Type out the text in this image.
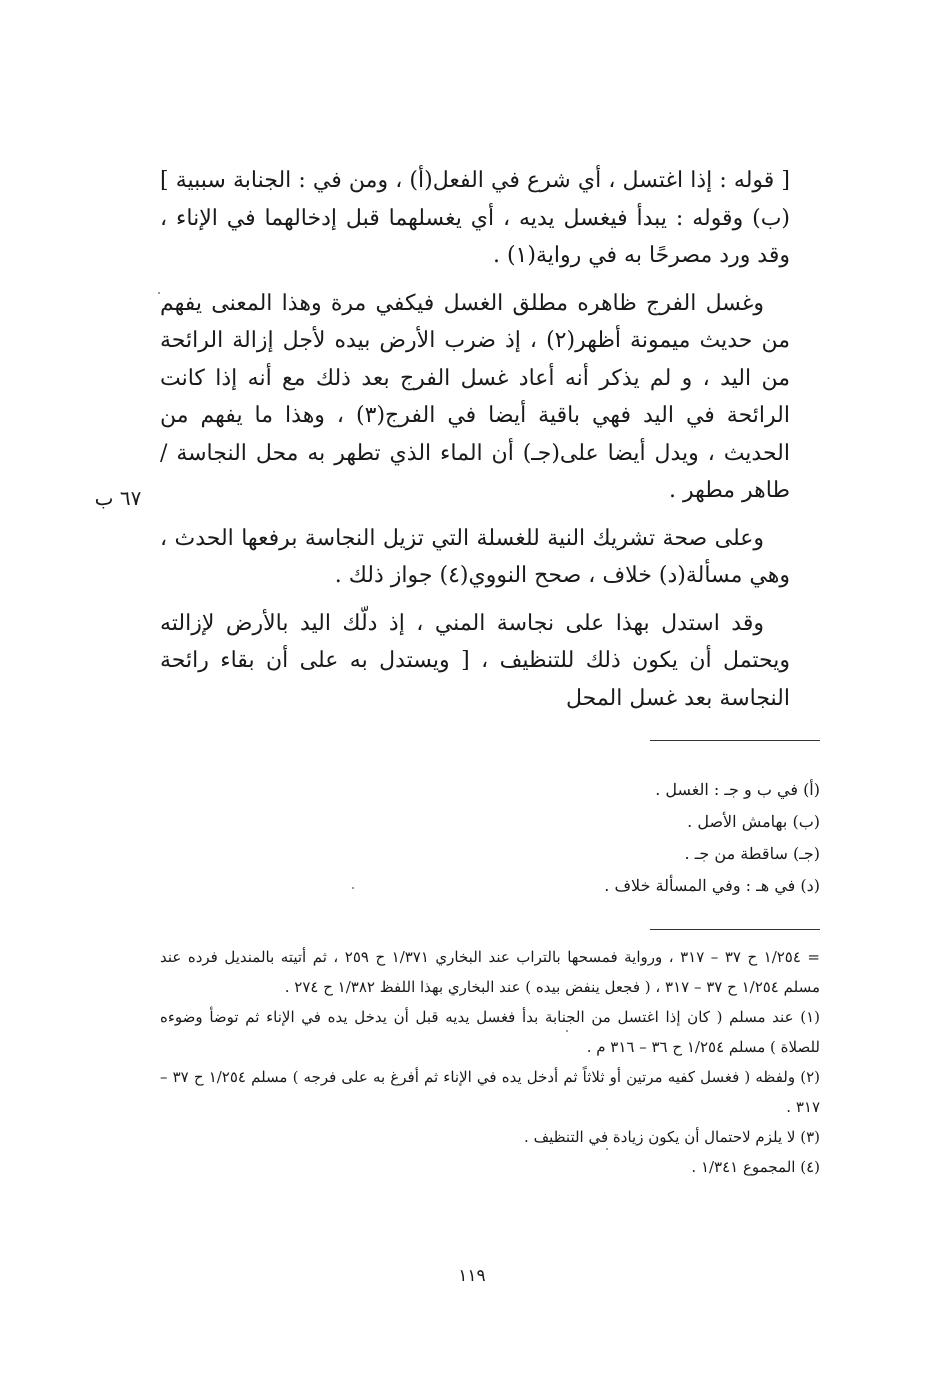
[ قوله : إذا اغتسل ، أي شرع في الفعل(أ) ، ومن في : الجنابة سببية ](ب) وقوله : يبدأ فيغسل يديه ، أي يغسلهما قبل إدخالهما في الإناء ، وقد ورد مصرحًا به في رواية(١) .

وغسل الفرج ظاهره مطلق الغسل فيكفي مرة وهذا المعنى يفهم من حديث ميمونة أظهر(٢) ، إذ ضرب الأرض بيده لأجل إزالة الرائحة من اليد ، و لم يذكر أنه أعاد غسل الفرج بعد ذلك مع أنه إذا كانت الرائحة في اليد فهي باقية أيضا في الفرج(٣) ، وهذا ما يفهم من الحديث ، ويدل أيضا على(جـ) أن الماء الذي تطهر به محل النجاسة / طاهر مطهر .

وعلى صحة تشريك النية للغسلة التي تزيل النجاسة برفعها الحدث ، وهي مسألة(د) خلاف ، صحح النووي(٤) جواز ذلك .

وقد استدل بهذا على نجاسة المني ، إذ دلّك اليد بالأرض لإزالته ويحتمل أن يكون ذلك للتنظيف ، [ ويستدل به على أن بقاء رائحة النجاسة بعد غسل المحل

٦٧ ب
(أ) في ب و جـ : الغسل .
(ب) بهامش الأصل .
(جـ) ساقطة من جـ .
(د) في هـ : وفي المسألة خلاف .
= ١/٢٥٤ ح ٣٧ – ٣١٧ ، ورواية فمسحها بالتراب عند البخاري ١/٣٧١ ح ٢٥٩ ، ثم أتيته بالمنديل فرده عند مسلم ١/٢٥٤ ح ٣٧ – ٣١٧ ، ( فجعل ينفض بيده ) عند البخاري بهذا اللفظ ١/٣٨٢ ح ٢٧٤ .
(١) عند مسلم ( كان إذا اغتسل من الجنابة بدأ فغسل يديه قبل أن يدخل يده في الإناء ثم توضأ وضوءه للصلاة ) مسلم ١/٢٥٤ ح ٣٦ – ٣١٦ م .
(٢) ولفظه ( فغسل كفيه مرتين أو ثلاثاً ثم أدخل يده في الإناء ثم أفرغ به على فرجه ) مسلم ١/٢٥٤ ح ٣٧ – ٣١٧ .
(٣) لا يلزم لاحتمال أن يكون زيادة في التنظيف .
(٤) المجموع ١/٣٤١ .
١١٩
